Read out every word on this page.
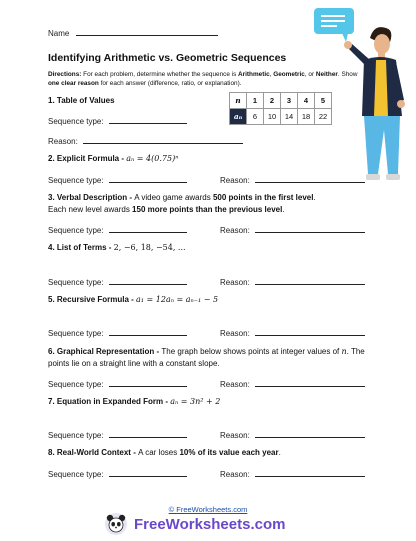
Name
Identifying Arithmetic vs. Geometric Sequences
Directions: For each problem, determine whether the sequence is Arithmetic, Geometric, or Neither. Show one clear reason for each answer (difference, ratio, or explanation).
1. Table of Values	n	1	2	3	4	5
aₙ	6	10	14	18	22
Sequence type:
Reason:
2. Explicit Formula - aₙ = 4(0.75)ⁿ
Sequence type:	Reason:
3. Verbal Description - A video game awards 500 points in the first level.
Each new level awards 150 more points than the previous level.
Sequence type:	Reason:
4. List of Terms - 2, −6, 18, −54, ...
Sequence type:	Reason:
5. Recursive Formula - a₁ = 12aₙ = aₙ₋₁ − 5
Sequence type:	Reason:
6. Graphical Representation - The graph below shows points at integer values of n. The points lie on a straight line with a constant slope.
Sequence type:	Reason:
7. Equation in Expanded Form - aₙ = 3n² + 2
Sequence type:	Reason:
8. Real-World Context - A car loses 10% of its value each year.
Sequence type:	Reason:
© FreeWorksheets.com
FreeWorksheets.com
